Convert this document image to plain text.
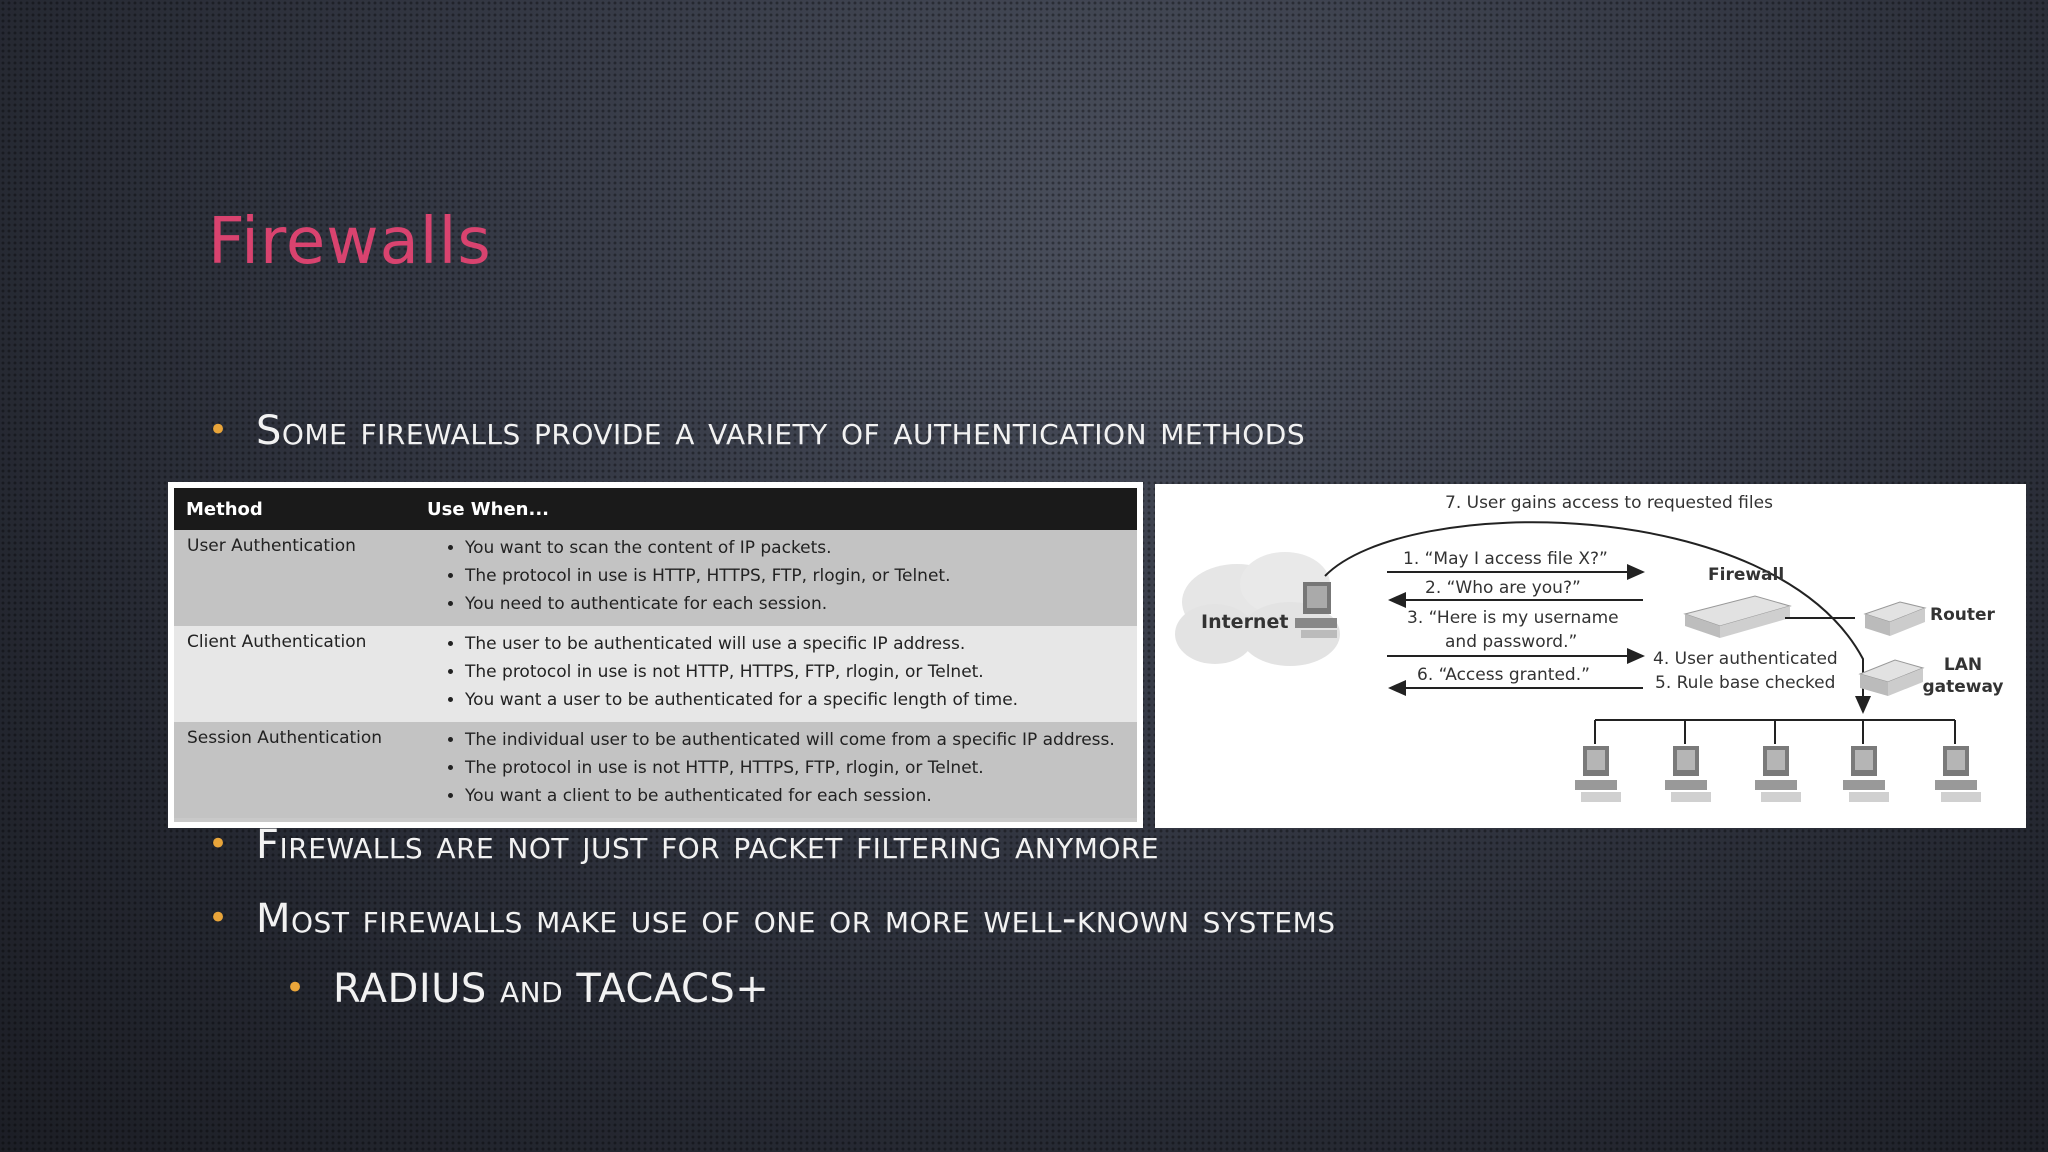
Firewalls
• Some firewalls provide a variety of authentication methods
Method	Use When...
User Authentication	• You want to scan the content of IP packets.
• The protocol in use is HTTP, HTTPS, FTP, rlogin, or Telnet.
• You need to authenticate for each session.
Client Authentication	• The user to be authenticated will use a specific IP address.
• The protocol in use is not HTTP, HTTPS, FTP, rlogin, or Telnet.
• You want a user to be authenticated for a specific length of time.
Session Authentication	• The individual user to be authenticated will come from a specific IP address.
• The protocol in use is not HTTP, HTTPS, FTP, rlogin, or Telnet.
• You want a client to be authenticated for each session.
Internet
7. User gains access to requested files
1. “May I access file X?”
2. “Who are you?”
3. “Here is my username
and password.”
6. “Access granted.”
4. User authenticated
5. Rule base checked
Firewall
Router
LAN
gateway
• Firewalls are not just for packet filtering anymore
• Most firewalls make use of one or more well-known systems
• RADIUS and TACACS+
